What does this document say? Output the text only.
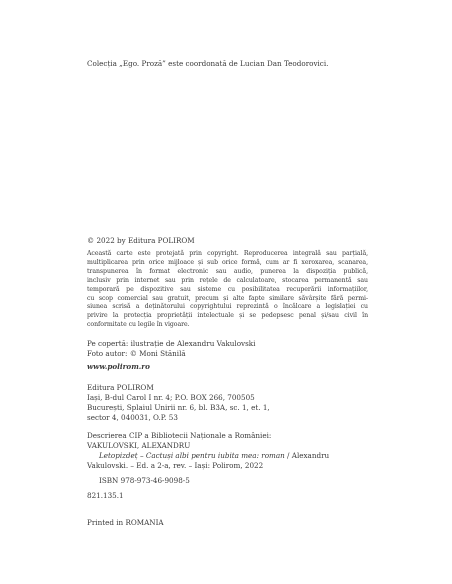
Colecția „Ego. Proză” este coordonată de Lucian Dan Teodorovici.

© 2022 by Editura POLIROM

Această carte este protejată prin copyright. Reproducerea integrală sau parțială,
multiplicarea prin orice mijloace și sub orice formă, cum ar fi xeroxarea, scanarea,
transpunerea în format electronic sau audio, punerea la dispoziția publică,
inclusiv prin internet sau prin rețele de calculatoare, stocarea permanentă sau
temporară pe dispozitive sau sisteme cu posibilitatea recuperării informațiilor,
cu scop comercial sau gratuit, precum și alte fapte similare săvârșite fără permi-
siunea scrisă a deținătorului copyrightului reprezintă o încălcare a legislației cu
privire la protecția proprietății intelectuale și se pedepsesc penal și/sau civil în
conformitate cu legile în vigoare.
Pe copertă: ilustrație de Alexandru Vakulovski
Foto autor: © Moni Stănilă

www.polirom.ro

Editura POLIROM
Iași, B-dul Carol I nr. 4; P.O. BOX 266, 700505
București, Splaiul Unirii nr. 6, bl. B3A, sc. 1, et. 1,
sector 4, 040031, O.P. 53
Descrierea CIP a Bibliotecii Naționale a României:
VAKULOVSKI, ALEXANDRU
Letopizdeț – Cactuși albi pentru iubita mea: roman / Alexandru
Vakulovski. – Ed. a 2-a, rev. – Iași: Polirom, 2022
ISBN 978-973-46-9098-5
821.135.1

Printed in ROMANIA
